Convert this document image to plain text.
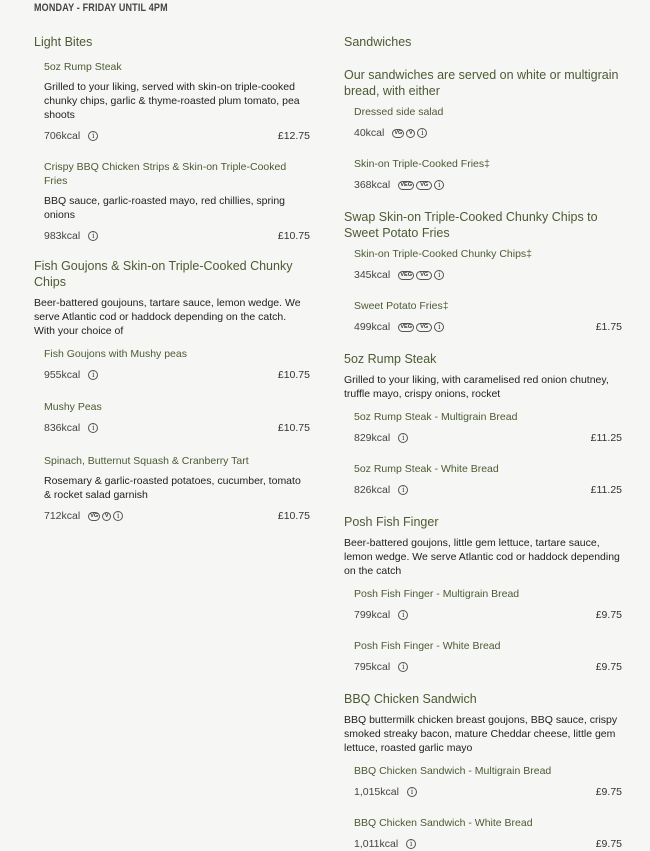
MONDAY - FRIDAY UNTIL 4PM
Light Bites
5oz Rump Steak
Grilled to your liking, served with skin-on triple-cooked chunky chips, garlic & thyme-roasted plum tomato, pea shoots
706kcal	i	£12.75
Crispy BBQ Chicken Strips & Skin-on Triple-Cooked Fries
BBQ sauce, garlic-roasted mayo, red chillies, spring onions
983kcal	i	£10.75
Fish Goujons & Skin-on Triple-Cooked Chunky Chips
Beer-battered goujouns, tartare sauce, lemon wedge. We serve Atlantic cod or haddock depending on the catch. With your choice of
Fish Goujons with Mushy peas
955kcal	i	£10.75
Mushy Peas
836kcal	i	£10.75
Spinach, Butternut Squash & Cranberry Tart
Rosemary & garlic-roasted potatoes, cucumber, tomato & rocket salad garnish
712kcal	VG	V	i	£10.75
Sandwiches
Our sandwiches are served on white or multigrain bread, with either
Dressed side salad
40kcal	VG	V	i
Skin-on Triple-Cooked Fries‡
368kcal	VEG	VG	i
Swap Skin-on Triple-Cooked Chunky Chips to Sweet Potato Fries
Skin-on Triple-Cooked Chunky Chips‡
345kcal	VEG	VG	i
Sweet Potato Fries‡
499kcal	VEG	VG	i	£1.75
5oz Rump Steak
Grilled to your liking, with caramelised red onion chutney, truffle mayo, crispy onions, rocket
5oz Rump Steak - Multigrain Bread
829kcal	i	£11.25
5oz Rump Steak - White Bread
826kcal	i	£11.25
Posh Fish Finger
Beer-battered goujons, little gem lettuce, tartare sauce, lemon wedge. We serve Atlantic cod or haddock depending on the catch
Posh Fish Finger - Multigrain Bread
799kcal	i	£9.75
Posh Fish Finger - White Bread
795kcal	i	£9.75
BBQ Chicken Sandwich
BBQ buttermilk chicken breast goujons, BBQ sauce, crispy smoked streaky bacon, mature Cheddar cheese, little gem lettuce, roasted garlic mayo
BBQ Chicken Sandwich - Multigrain Bread
1,015kcal	i	£9.75
BBQ Chicken Sandwich - White Bread
1,011kcal	i	£9.75
